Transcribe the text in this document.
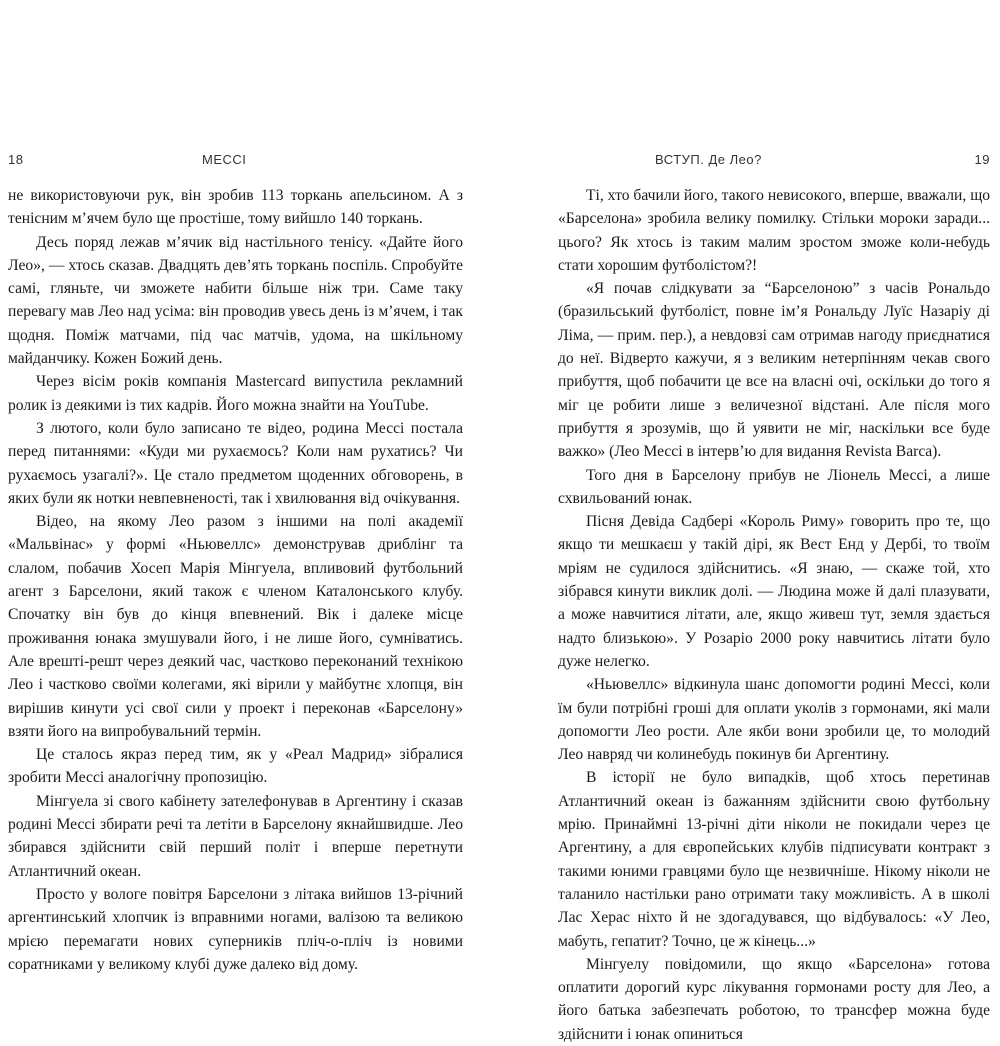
18	МЕССІ

не використовуючи рук, він зробив 113 торкань апельсином. А з тенісним м’ячем було ще простіше, тому вийшло 140 торкань.

Десь поряд лежав м’ячик від настільного тенісу. «Дайте його Лео», — хтось сказав. Двадцять дев’ять торкань поспіль. Спробуйте самі, гляньте, чи зможете набити більше ніж три. Саме таку перевагу мав Лео над усіма: він проводив увесь день із м’ячем, і так щодня. Поміж матчами, під час матчів, удома, на шкільному майданчику. Кожен Божий день.

Через вісім років компанія Mastercard випустила рекламний ролик із деякими із тих кадрів. Його можна знайти на YouTube.

З лютого, коли було записано те відео, родина Мессі постала перед питаннями: «Куди ми рухаємось? Коли нам рухатись? Чи рухаємось узагалі?». Це стало предметом щоденних обговорень, в яких були як нотки невпевненості, так і хвилювання від очікування.

Відео, на якому Лео разом з іншими на полі академії «Мальвінас» у формі «Ньювеллс» демонстрував дриблінг та слалом, побачив Хосеп Марія Мінгуела, впливовий футбольний агент з Барселони, який також є членом Каталонського клубу. Спочатку він був до кінця впевнений. Вік і далеке місце проживання юнака змушували його, і не лише його, сумніватись. Але врешті-решт через деякий час, частково переконаний технікою Лео і частково своїми колегами, які вірили у майбутнє хлопця, він вирішив кинути усі свої сили у проект і переконав «Барселону» взяти його на випробувальний термін.

Це сталось якраз перед тим, як у «Реал Мадрид» зібралися зробити Мессі аналогічну пропозицію.

Мінгуела зі свого кабінету зателефонував в Аргентину і сказав родині Мессі збирати речі та летіти в Барселону якнайшвидше. Лео збирався здійснити свій перший політ і вперше перетнути Атлантичний океан.

Просто у вологе повітря Барселони з літака вийшов 13-річний аргентинський хлопчик із вправними ногами, валізою та великою мрією перемагати нових суперників пліч-о-пліч із новими соратниками у великому клубі дуже далеко від дому.

ВСТУП. Де Лео?	19

Ті, хто бачили його, такого невисокого, вперше, вважали, що «Барселона» зробила велику помилку. Стільки мороки заради... цього? Як хтось із таким малим зростом зможе коли-небудь стати хорошим футболістом?!

«Я почав слідкувати за “Барселоною” з часів Рональдо (бразильський футболіст, повне ім’я Рональду Луїс Назаріу ді Ліма, — прим. пер.), а невдовзі сам отримав нагоду приєднатися до неї. Відверто кажучи, я з великим нетерпінням чекав свого прибуття, щоб побачити це все на власні очі, оскільки до того я міг це робити лише з величезної відстані. Але після мого прибуття я зрозумів, що й уявити не міг, наскільки все буде важко» (Лео Мессі в інтерв’ю для видання Revista Barca).

Того дня в Барселону прибув не Ліонель Мессі, а лише схвильований юнак.

Пісня Девіда Садбері «Король Риму» говорить про те, що якщо ти мешкаєш у такій дірі, як Вест Енд у Дербі, то твоїм мріям не судилося здійснитись. «Я знаю, — скаже той, хто зібрався кинути виклик долі. — Людина може й далі плазувати, а може навчитися літати, але, якщо живеш тут, земля здається надто близькою». У Розаріо 2000 року навчитись літати було дуже нелегко.

«Ньювеллс» відкинула шанс допомогти родині Мессі, коли їм були потрібні гроші для оплати уколів з гормонами, які мали допомогти Лео рости. Але якби вони зробили це, то молодий Лео навряд чи колинебудь покинув би Аргентину.

В історії не було випадків, щоб хтось перетинав Атлантичний океан із бажанням здійснити свою футбольну мрію. Принаймні 13-річні діти ніколи не покидали через це Аргентину, а для європейських клубів підписувати контракт з такими юними гравцями було ще незвичніше. Нікому ніколи не таланило настільки рано отримати таку можливість. А в школі Лас Херас ніхто й не здогадувався, що відбувалось: «У Лео, мабуть, гепатит? Точно, це ж кінець...»

Мінгуелу повідомили, що якщо «Барселона» готова оплатити дорогий курс лікування гормонами росту для Лео, а його батька забезпечать роботою, то трансфер можна буде здійснити і юнак опиниться
